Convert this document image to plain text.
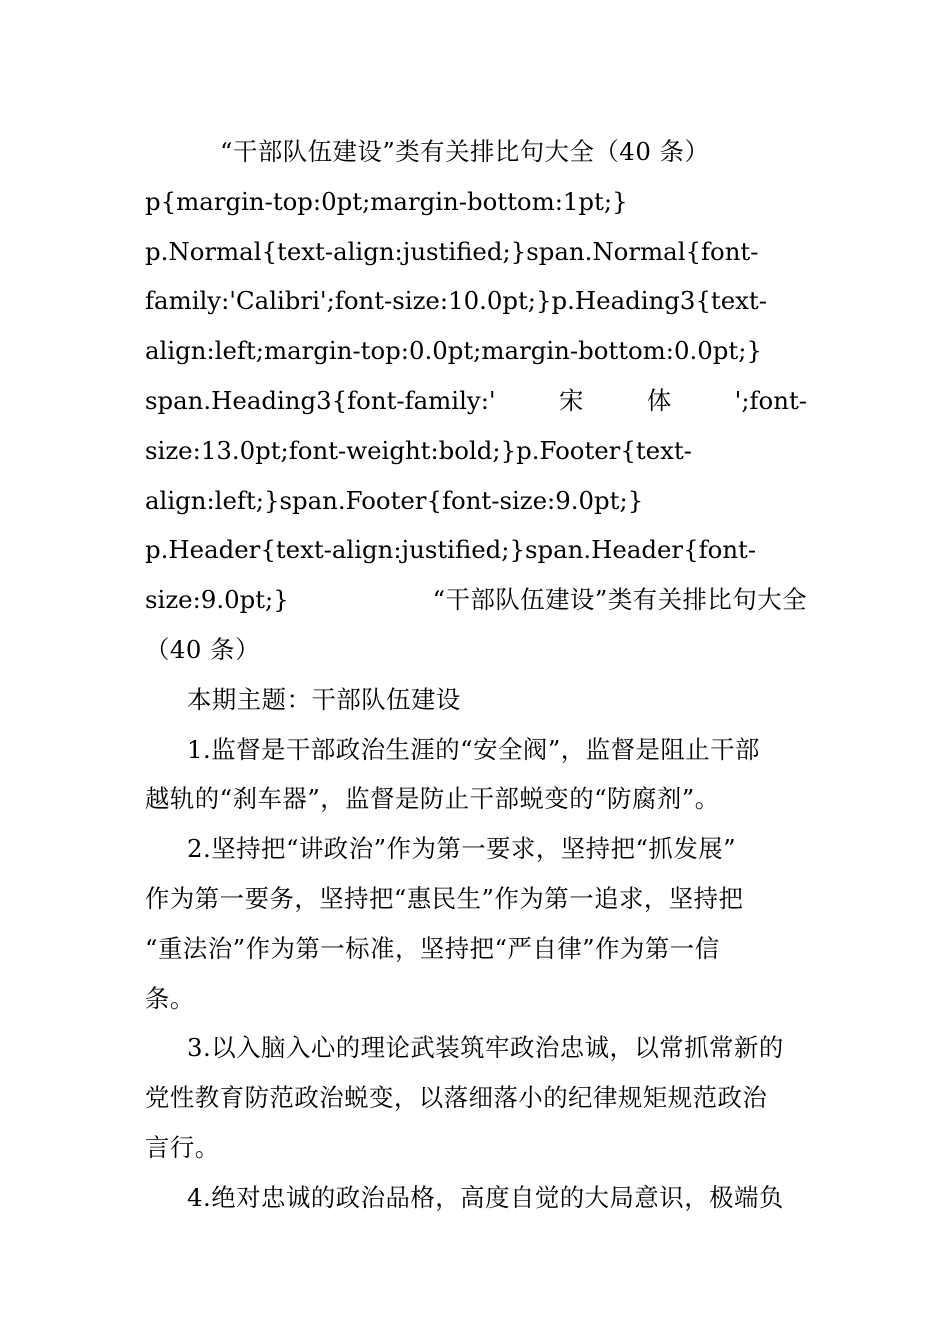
“干部队伍建设”类有关排比句大全（40 条）
p{margin-top:0pt;margin-bottom:1pt;}
p.Normal{text-align:justified;}span.Normal{font-
family:'Calibri';font-size:10.0pt;}p.Heading3{text-
align:left;margin-top:0.0pt;margin-bottom:0.0pt;}
span.Heading3{font-family:'	宋	体	';font-
size:13.0pt;font-weight:bold;}p.Footer{text-
align:left;}span.Footer{font-size:9.0pt;}
p.Header{text-align:justified;}span.Header{font-
size:9.0pt;}	“干部队伍建设”类有关排比句大全
（40 条）
本期主题：干部队伍建设
1.监督是干部政治生涯的“安全阀”，监督是阻止干部
越轨的“刹车器”，监督是防止干部蜕变的“防腐剂”。
2.坚持把“讲政治”作为第一要求，坚持把“抓发展”
作为第一要务，坚持把“惠民生”作为第一追求，坚持把
“重法治”作为第一标准，坚持把“严自律”作为第一信
条。
3.以入脑入心的理论武装筑牢政治忠诚，以常抓常新的
党性教育防范政治蜕变，以落细落小的纪律规矩规范政治
言行。
4.绝对忠诚的政治品格，高度自觉的大局意识，极端负
